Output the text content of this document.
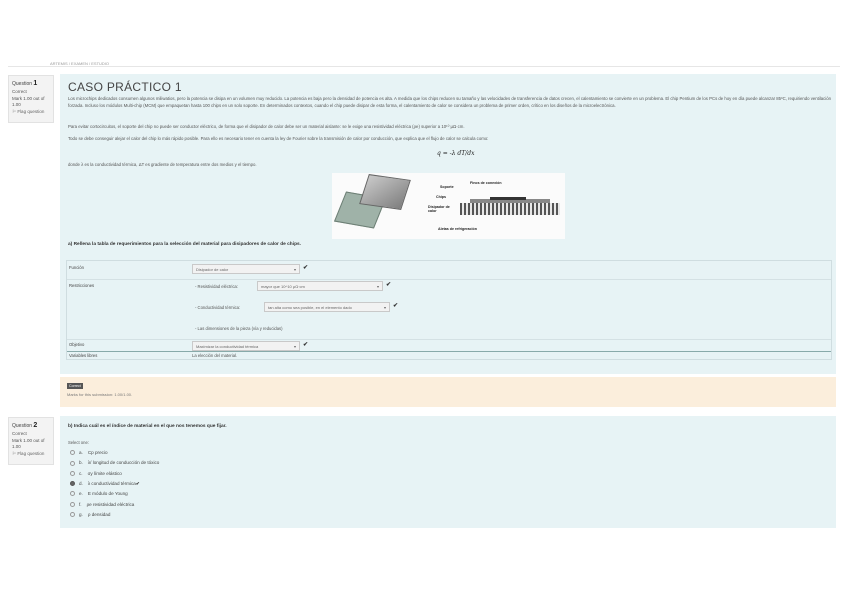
ARTEMIS / EXAMEN / ESTUDIO
Question 1
Correct
Mark 1.00 out of 1.00
⚐ Flag question
CASO PRÁCTICO 1
Los microchips dedicados consumen algunos miliwatios, pero la potencia se disipa en un volumen muy reducido. La potencia es baja pero la densidad de potencia es alta. A medida que los chips reducen su tamaño y las velocidades de transferencia de datos crecen, el calentamiento se convierte en un problema. El chip Pentium de los PCs de hoy en día puede alcanzar 85ºC, requiriendo ventilación forzada. Incluso los módulos Multi-chip (MCM) que empaquetan hasta 100 chips en un solo soporte. En determinados contextos, cuando el chip puede disipar de esta forma, el calentamiento de calor se considera un problema de primer orden, crítico en los diseños de la microelectrónica.
Para evitar cortocircuitos, el soporte del chip no puede ser conductor eléctrico, de forma que el disipador de calor debe ser un material aislante: se le exige una resistividad eléctrica (ρe) superior a 10¹⁰ µΩ·cm.
Todo se debe conseguir alejar el calor del chip lo más rápido posible. Para ello es necesario tener en cuenta la ley de Fourier sobre la transmisión de calor por conducción, que explica que el flujo de calor se calcula como:
q = -λ dT/dx
donde λ es la conductividad térmica, ΔT es gradiente de temperatura entre dos medios y el tiempo.
Soporte
Finos de conexión
Chips
Disipador de calor
Aletas de refrigeración
a) Rellena la tabla de requerimientos para la selección del material para disipadores de calor de chips.
Función	Disipador de calor	▾ ✔
Restricciones	- Resistividad eléctrica:	mayor que 10^10 µΩ·cm	▾ ✔
- Conductividad térmica:	tan alta como sea posible, en el elemento dado	▾ ✔
- Las dimensiones de la pieza (vía y reducidas)
Objetivo	Maximizar la conductividad térmica	▾ ✔
Variables libres	La elección del material.
Correct
Marks for this submission: 1.00/1.00.
Question 2
Correct
Mark 1.00 out of 1.00
⚐ Flag question
b) Indica cuál es el índice de material en el que nos tenemos que fijar.
Select one:
a. Cp precio
b. λ/ longitud de conducción de tóxico
c. σy límite elástico
d. λ conductividad térmica✔
e. E módulo de Young
f. ρe resistividad eléctrica
g. ρ densidad
